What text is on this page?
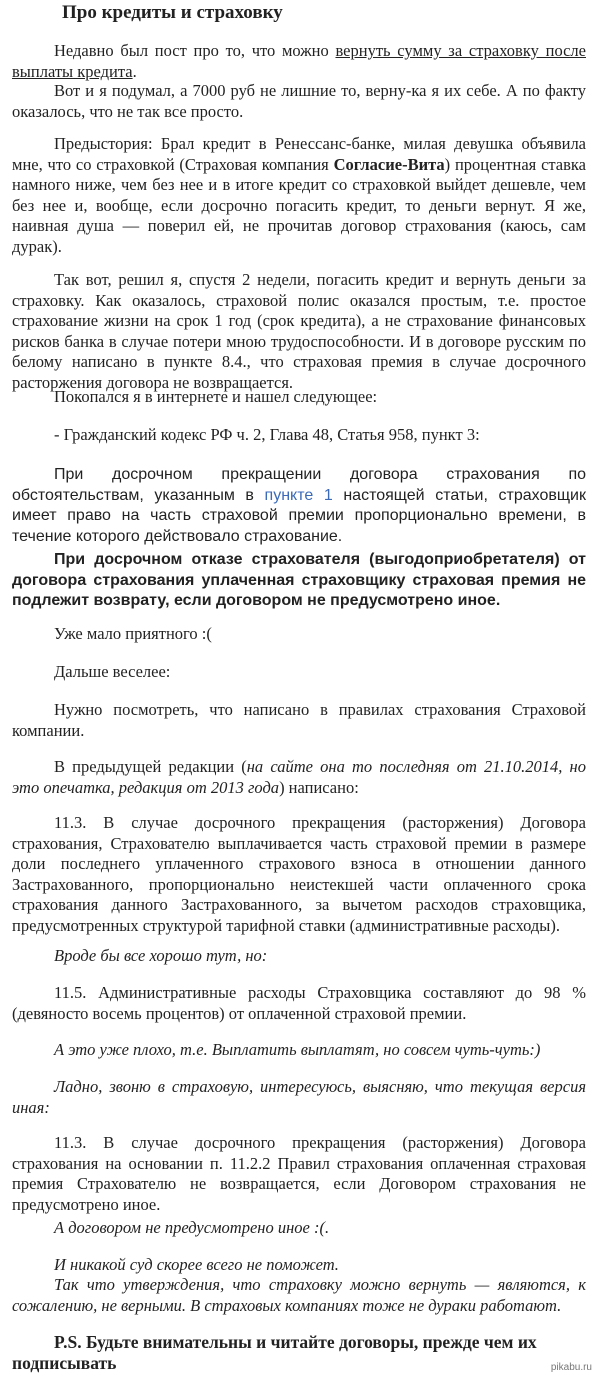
Про кредиты и страховку

Недавно был пост про то, что можно вернуть сумму за страховку после выплаты кредита.

Вот и я подумал, а 7000 руб не лишние то, верну-ка я их себе. А по факту оказалось, что не так все просто.

Предыстория: Брал кредит в Ренессанс-банке, милая девушка объявила мне, что со страховкой (Страховая компания Согласие-Вита) процентная ставка намного ниже, чем без нее и в итоге кредит со страховкой выйдет дешевле, чем без нее и, вообще, если досрочно погасить кредит, то деньги вернут. Я же, наивная душа — поверил ей, не прочитав договор страхования (каюсь, сам дурак).

Так вот, решил я, спустя 2 недели, погасить кредит и вернуть деньги за страховку. Как оказалось, страховой полис оказался простым, т.е. простое страхование жизни на срок 1 год (срок кредита), а не страхование финансовых рисков банка в случае потери мною трудоспособности. И в договоре русским по белому написано в пункте 8.4., что страховая премия в случае досрочного расторжения договора не возвращается.

Покопался я в интернете и нашел следующее:

- Гражданский кодекс РФ ч. 2, Глава 48, Статья 958, пункт 3:

При досрочном прекращении договора страхования по обстоятельствам, указанным в пункте 1 настоящей статьи, страховщик имеет право на часть страховой премии пропорционально времени, в течение которого действовало страхование.

При досрочном отказе страхователя (выгодоприобретателя) от договора страхования уплаченная страховщику страховая премия не подлежит возврату, если договором не предусмотрено иное.

Уже мало приятного :(

Дальше веселее:

Нужно посмотреть, что написано в правилах страхования Страховой компании.

В предыдущей редакции (на сайте она то последняя от 21.10.2014, но это опечатка, редакция от 2013 года) написано:

11.3. В случае досрочного прекращения (расторжения) Договора страхования, Страхователю выплачивается часть страховой премии в размере доли последнего уплаченного страхового взноса в отношении данного Застрахованного, пропорционально неистекшей части оплаченного срока страхования данного Застрахованного, за вычетом расходов страховщика, предусмотренных структурой тарифной ставки (административные расходы).

Вроде бы все хорошо тут, но:

11.5. Административные расходы Страховщика составляют до 98 % (девяносто восемь процентов) от оплаченной страховой премии.

А это уже плохо, т.е. Выплатить выплатят, но совсем чуть-чуть:)

Ладно, звоню в страховую, интересуюсь, выясняю, что текущая версия иная:

11.3. В случае досрочного прекращения (расторжения) Договора страхования на основании п. 11.2.2 Правил страхования оплаченная страховая премия Страхователю не возвращается, если Договором страхования не предусмотрено иное.

А договором не предусмотрено иное :(.

И никакой суд скорее всего не поможет.

Так что утверждения, что страховку можно вернуть — являются, к сожалению, не верными. В страховых компаниях тоже не дураки работают.

P.S. Будьте внимательны и читайте договоры, прежде чем их подписывать	pikabu.ru
